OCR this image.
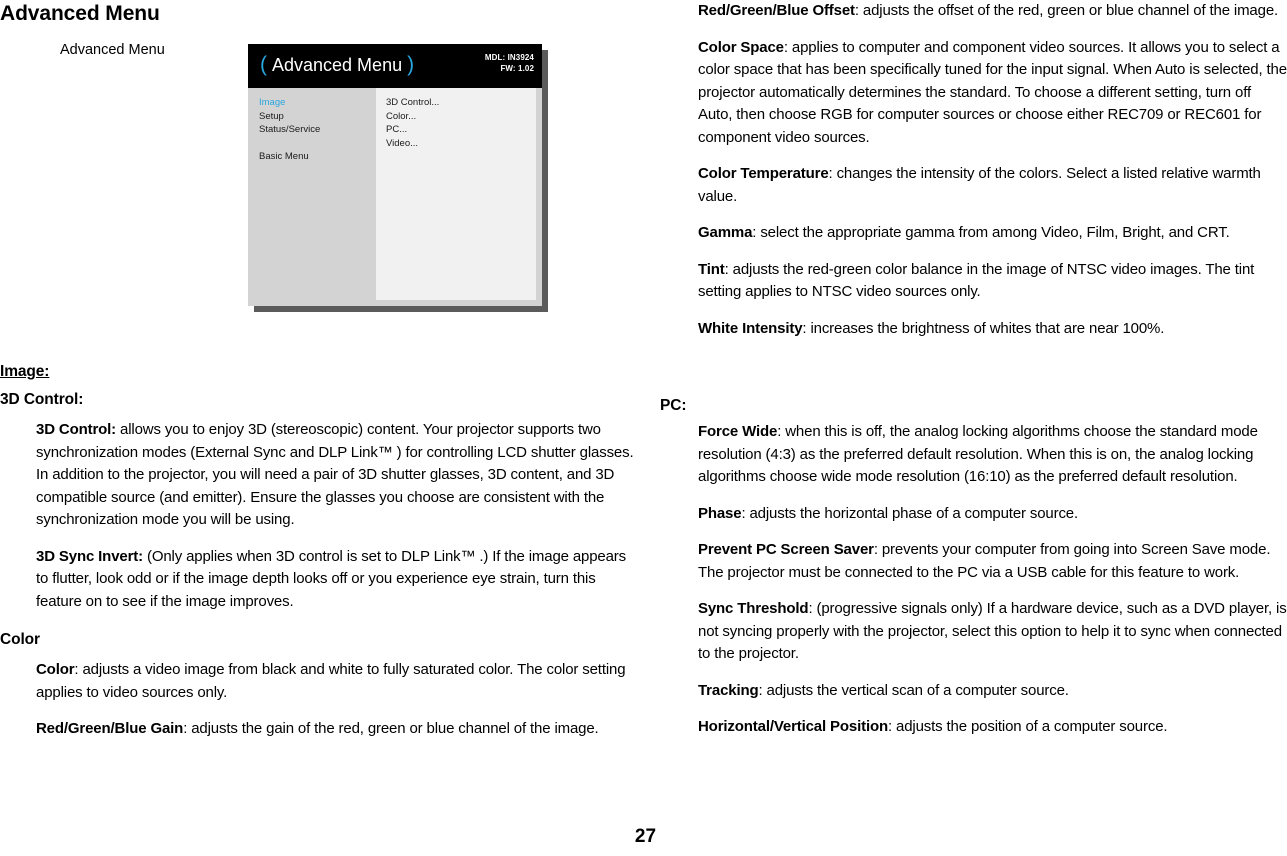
Advanced Menu
Advanced Menu
( Advanced Menu )	MDL: IN3924
FW: 1.02
Image
Setup
Status/Service
Basic Menu
3D Control...
Color...
PC...
Video...
Image:
3D Control:

3D Control: allows you to enjoy 3D (stereoscopic) content. Your projector supports two synchronization modes (External Sync and DLP Link™ ) for controlling LCD shutter glasses. In addition to the projector, you will need a pair of 3D shutter glasses, 3D content, and 3D compatible source (and emitter). Ensure the glasses you choose are consistent with the synchronization mode you will be using.

3D Sync Invert: (Only applies when 3D control is set to DLP Link™ .) If the image appears to flutter, look odd or if the image depth looks off or you experience eye strain, turn this feature on to see if the image improves.

Color

Color: adjusts a video image from black and white to fully saturated color. The color setting applies to video sources only.

Red/Green/Blue Gain: adjusts the gain of the red, green or blue channel of the image.

Red/Green/Blue Offset: adjusts the offset of the red, green or blue channel of the image.

Color Space: applies to computer and component video sources. It allows you to select a color space that has been specifically tuned for the input signal. When Auto is selected, the projector automatically determines the standard. To choose a different setting, turn off Auto, then choose RGB for computer sources or choose either REC709 or REC601 for component video sources.

Color Temperature: changes the intensity of the colors. Select a listed relative warmth value.

Gamma: select the appropriate gamma from among Video, Film, Bright, and CRT.

Tint: adjusts the red-green color balance in the image of NTSC video images. The tint setting applies to NTSC video sources only.

White Intensity: increases the brightness of whites that are near 100%.

PC:

Force Wide: when this is off, the analog locking algorithms choose the standard mode resolution (4:3) as the preferred default resolution. When this is on, the analog locking algorithms choose wide mode resolution (16:10) as the preferred default resolution.

Phase: adjusts the horizontal phase of a computer source.

Prevent PC Screen Saver: prevents your computer from going into Screen Save mode. The projector must be connected to the PC via a USB cable for this feature to work.

Sync Threshold: (progressive signals only) If a hardware device, such as a DVD player, is not syncing properly with the projector, select this option to help it to sync when connected to the projector.

Tracking: adjusts the vertical scan of a computer source.

Horizontal/Vertical Position: adjusts the position of a computer source.

27
